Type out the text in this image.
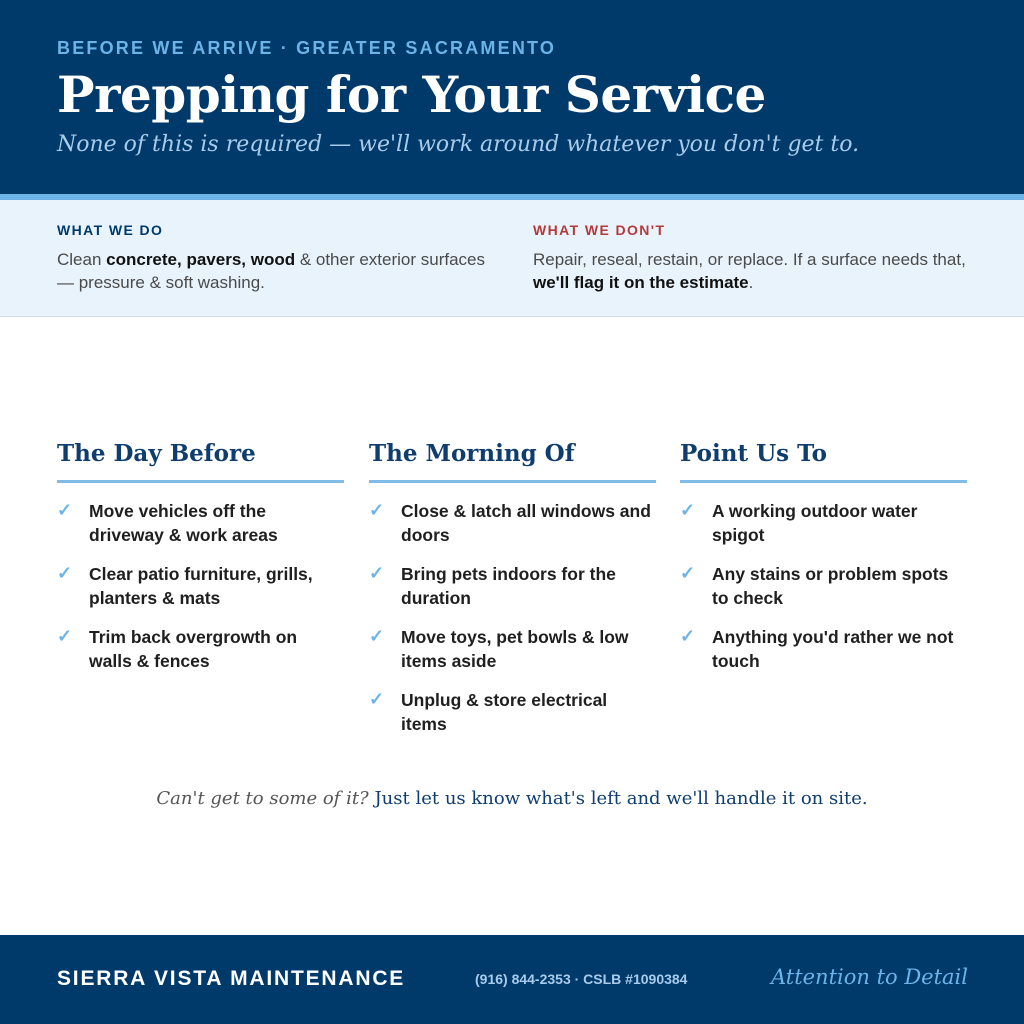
BEFORE WE ARRIVE · GREATER SACRAMENTO
Prepping for Your Service
None of this is required — we'll work around whatever you don't get to.
WHAT WE DO

Clean concrete, pavers, wood & other exterior surfaces — pressure & soft washing.

WHAT WE DON'T

Repair, reseal, restain, or replace. If a surface needs that, we'll flag it on the estimate.

The Day Before
✓ Move vehicles off the driveway & work areas
✓ Clear patio furniture, grills, planters & mats
✓ Trim back overgrowth on walls & fences
The Morning Of
✓ Close & latch all windows and doors
✓ Bring pets indoors for the duration
✓ Move toys, pet bowls & low items aside
✓ Unplug & store electrical items
Point Us To
✓ A working outdoor water spigot
✓ Any stains or problem spots to check
✓ Anything you'd rather we not touch

Can't get to some of it? Just let us know what's left and we'll handle it on site.

SIERRA VISTA MAINTENANCE	(916) 844-2353 · CSLB #1090384	Attention to Detail
